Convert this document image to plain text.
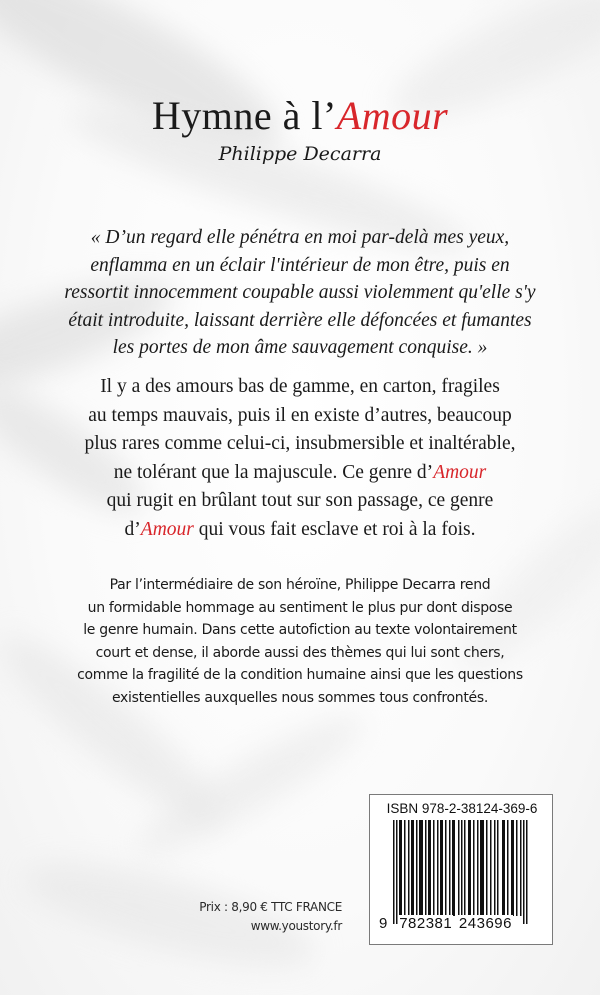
Hymne à l’Amour
Philippe Decarra
« D’un regard elle pénétra en moi par-delà mes yeux,
enflamma en un éclair l'intérieur de mon être, puis en
ressortit innocemment coupable aussi violemment qu'elle s'y
était introduite, laissant derrière elle défoncées et fumantes
les portes de mon âme sauvagement conquise. »
Il y a des amours bas de gamme, en carton, fragiles
au temps mauvais, puis il en existe d’autres, beaucoup
plus rares comme celui-ci, insubmersible et inaltérable,
ne tolérant que la majuscule. Ce genre d’Amour
qui rugit en brûlant tout sur son passage, ce genre
d’Amour qui vous fait esclave et roi à la fois.
Par l’intermédiaire de son héroïne, Philippe Decarra rend
un formidable hommage au sentiment le plus pur dont dispose
le genre humain. Dans cette autofiction au texte volontairement
court et dense, il aborde aussi des thèmes qui lui sont chers,
comme la fragilité de la condition humaine ainsi que les questions
existentielles auxquelles nous sommes tous confrontés.
Prix : 8,90 € TTC FRANCE
www.youstory.fr
ISBN 978-2-38124-369-6
9 782381 243696
